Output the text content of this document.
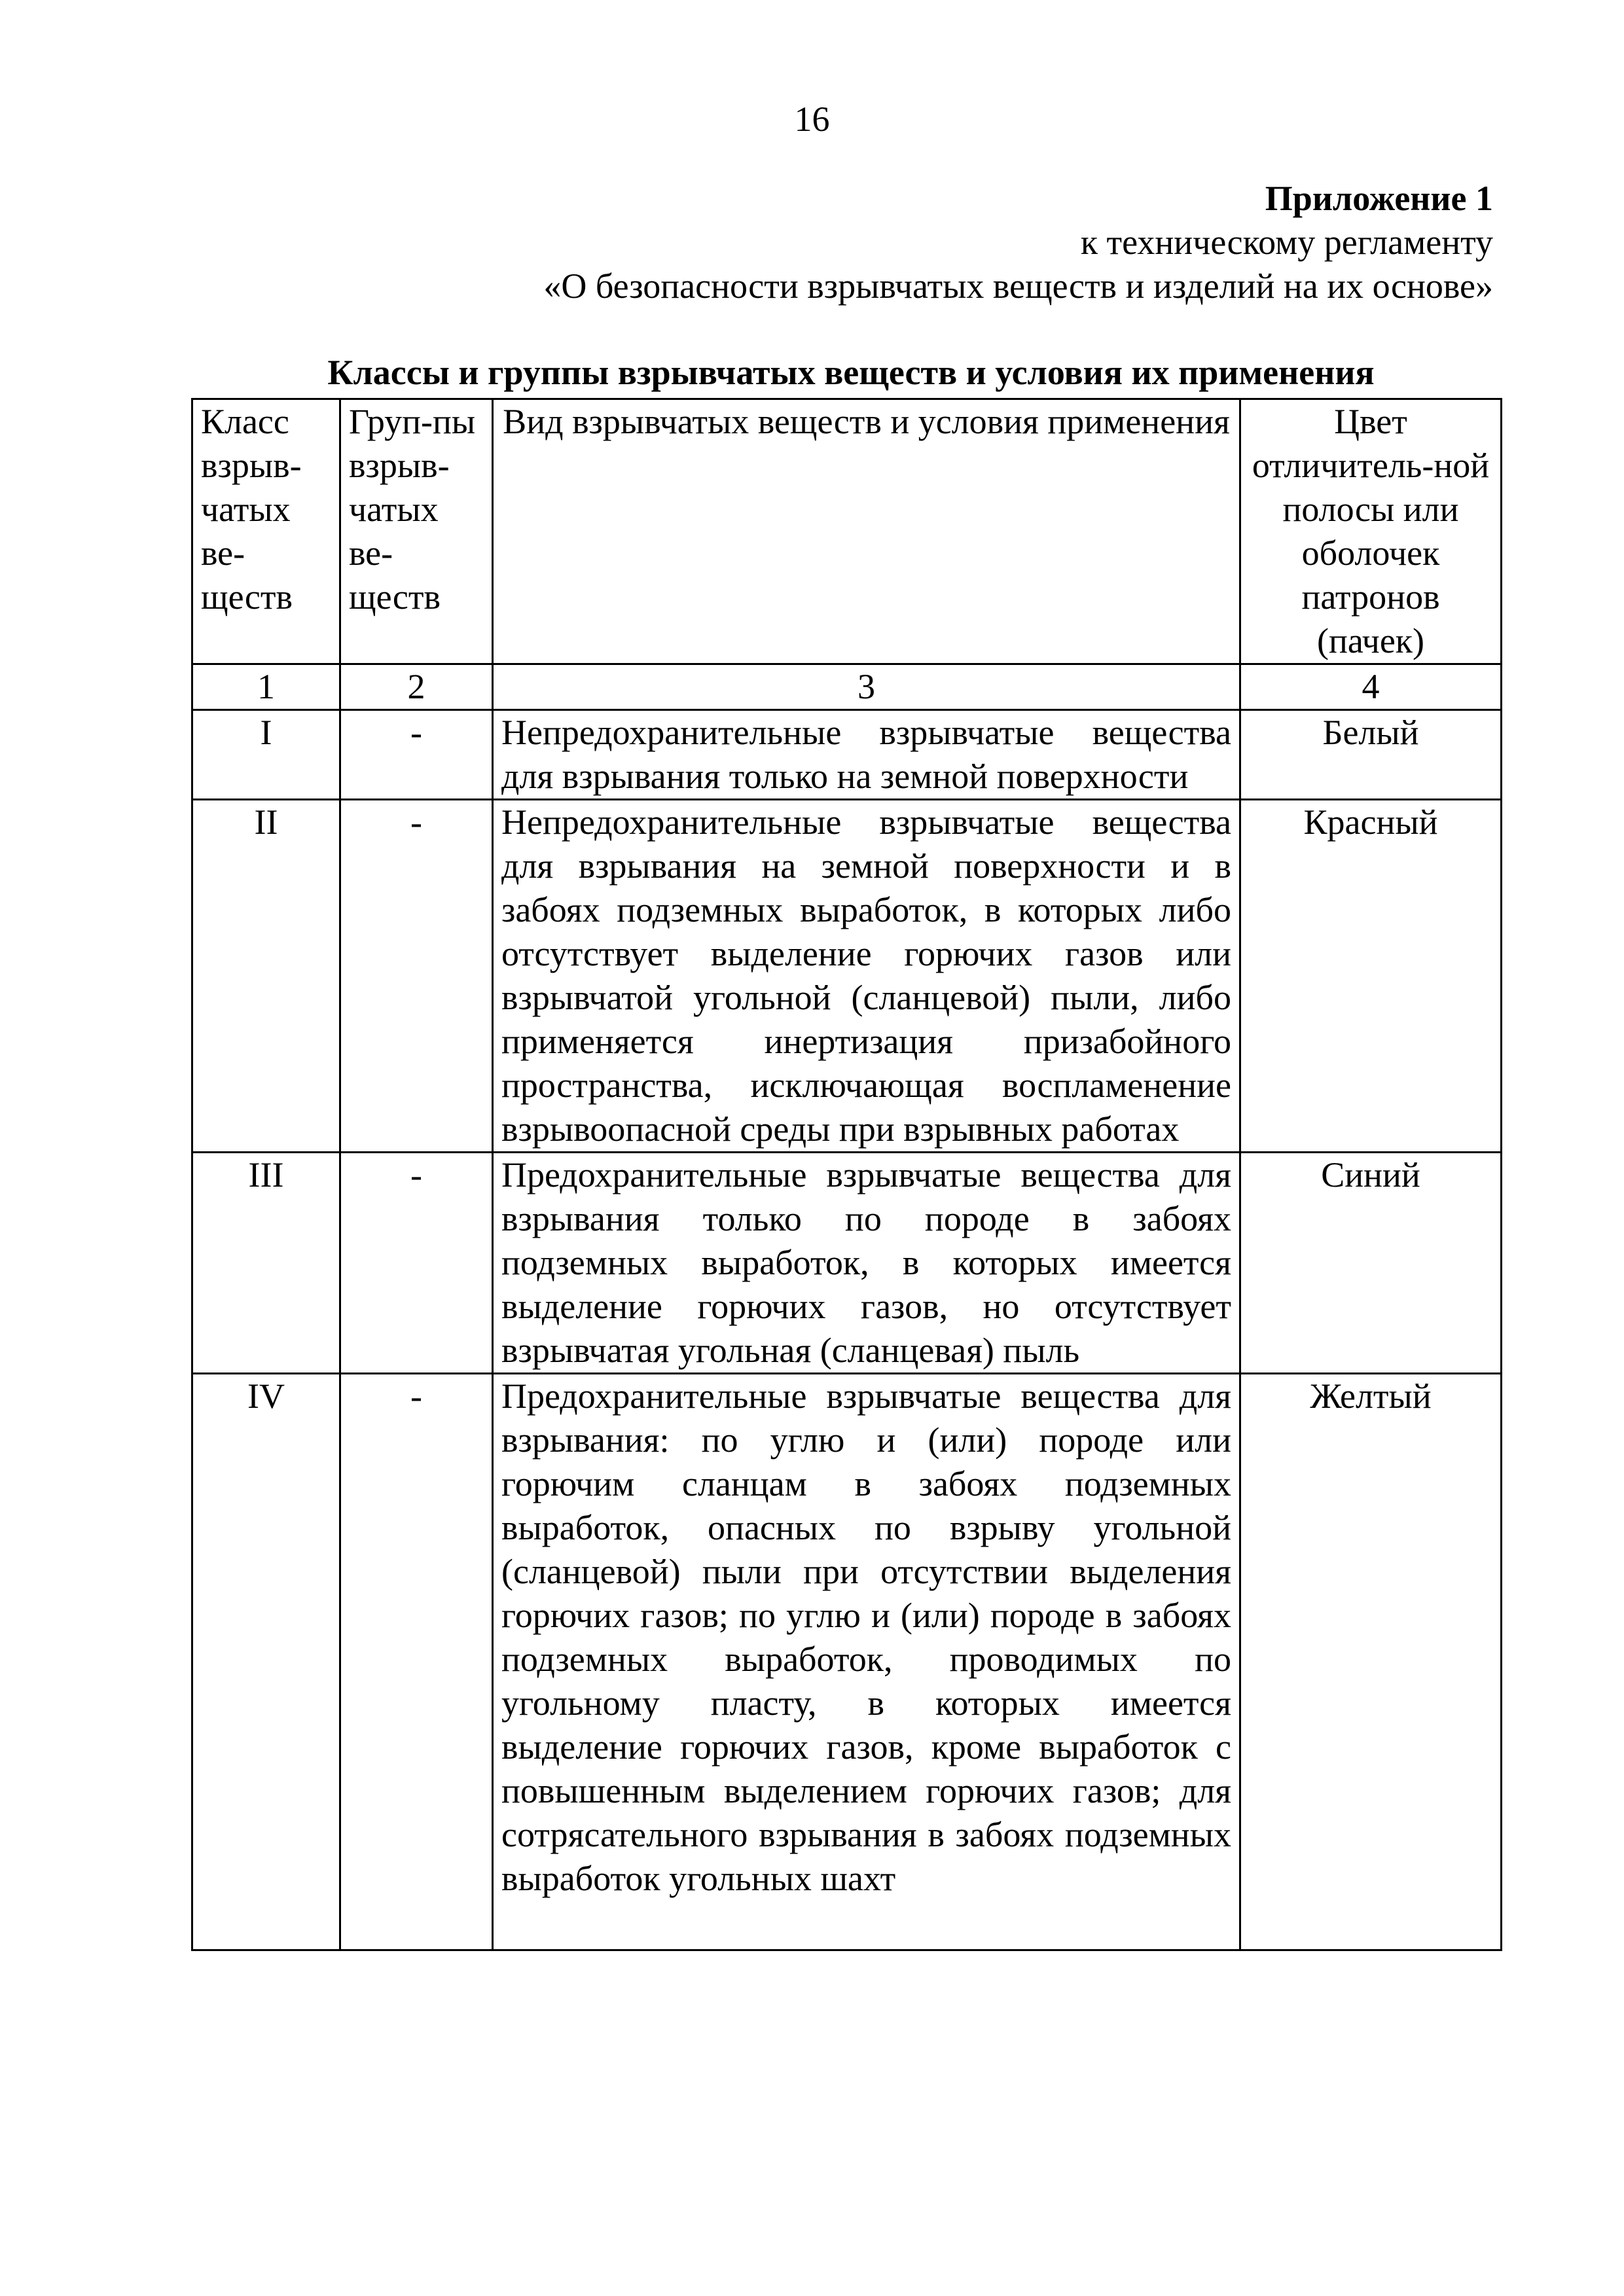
16
Приложение 1
к техническому регламенту
«О безопасности взрывчатых веществ и изделий на их основе»
Классы и группы взрывчатых веществ и условия их применения
Класс взрыв-чатых ве-ществ	Груп-пы взрыв-чатых ве-ществ	Вид взрывчатых веществ и условия применения	Цвет отличитель-ной полосы или оболочек патронов (пачек)
1	2	3	4
I	-	Непредохранительные взрывчатые вещества для взрывания только на земной поверхности	Белый
II	-	Непредохранительные взрывчатые вещества для взрывания на земной поверхности и в забоях подземных выработок, в которых либо отсутствует выделение горючих газов или взрывчатой угольной (сланцевой) пыли, либо применяется инертизация призабойного пространства, исключающая воспламенение взрывоопасной среды при взрывных работах	Красный
III	-	Предохранительные взрывчатые вещества для взрывания только по породе в забоях подземных выработок, в которых имеется выделение горючих газов, но отсутствует взрывчатая угольная (сланцевая) пыль	Синий
IV	-	Предохранительные взрывчатые вещества для взрывания: по углю и (или) породе или горючим сланцам в забоях подземных выработок, опасных по взрыву угольной (сланцевой) пыли при отсутствии выделения горючих газов; по углю и (или) породе в забоях подземных выработок, проводимых по угольному пласту, в которых имеется выделение горючих газов, кроме выработок с повышенным выделением горючих газов; для сотрясательного взрывания в забоях подземных выработок угольных шахт	Желтый
